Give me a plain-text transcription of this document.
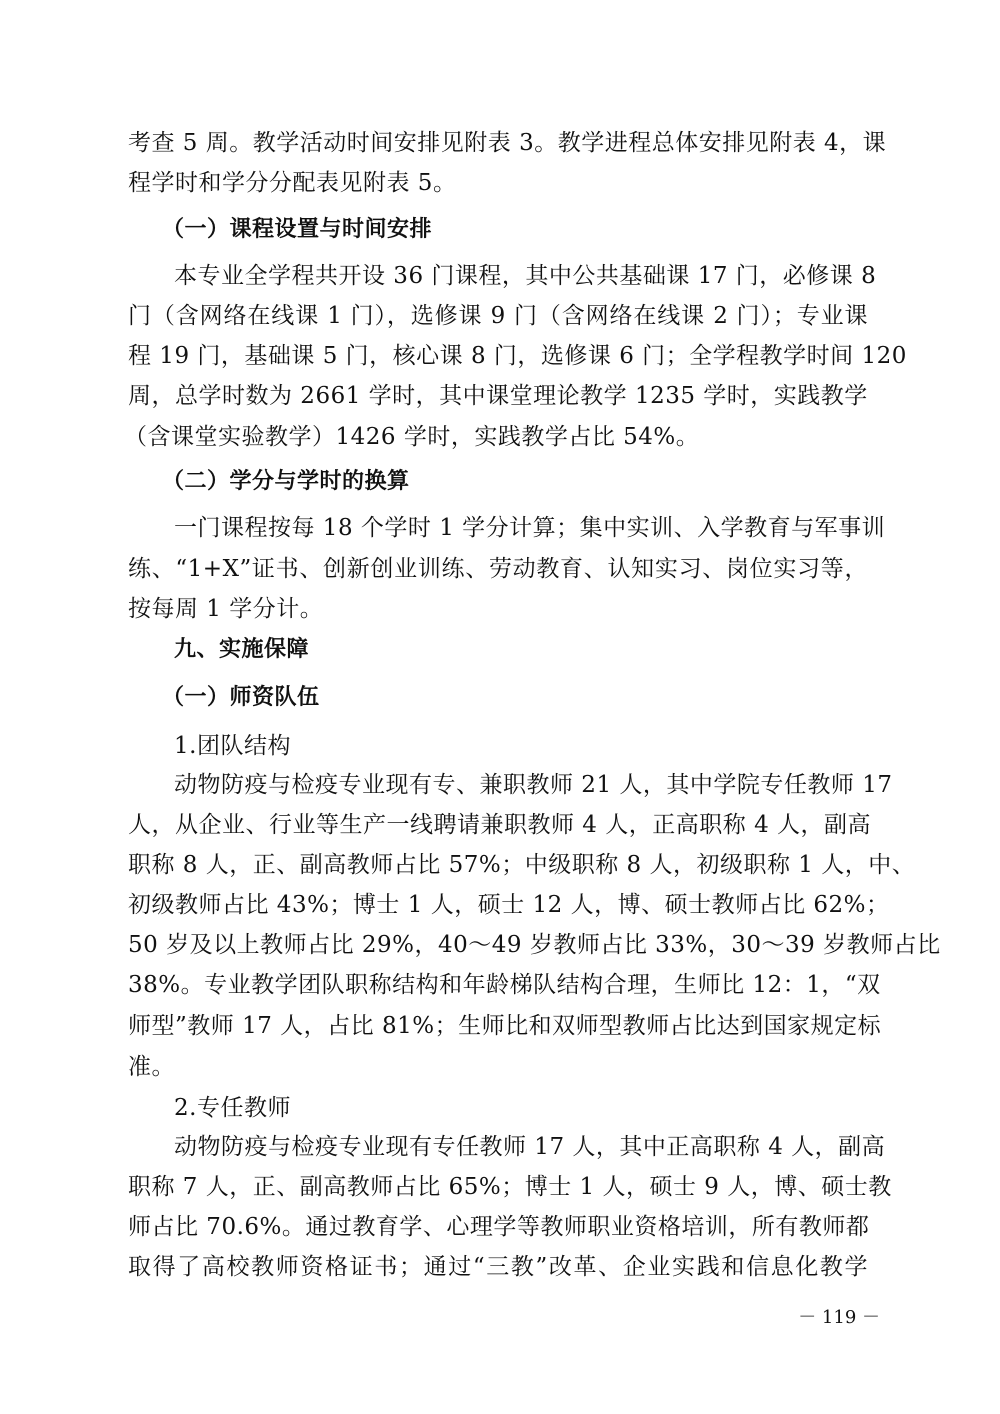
考查 5 周。教学活动时间安排见附表 3。教学进程总体安排见附表 4，课
程学时和学分分配表见附表 5。
（一）课程设置与时间安排
本专业全学程共开设 36 门课程，其中公共基础课 17 门，必修课 8
门（含网络在线课 1 门），选修课 9 门（含网络在线课 2 门）；专业课
程 19 门，基础课 5 门，核心课 8 门，选修课 6 门；全学程教学时间 120
周，总学时数为 2661 学时，其中课堂理论教学 1235 学时，实践教学
（含课堂实验教学）1426 学时，实践教学占比 54%。
（二）学分与学时的换算
一门课程按每 18 个学时 1 学分计算；集中实训、入学教育与军事训
练、“1+X”证书、创新创业训练、劳动教育、认知实习、岗位实习等，
按每周 1 学分计。
九、实施保障
（一）师资队伍
1.团队结构
动物防疫与检疫专业现有专、兼职教师 21 人，其中学院专任教师 17
人，从企业、行业等生产一线聘请兼职教师 4 人，正高职称 4 人，副高
职称 8 人，正、副高教师占比 57%；中级职称 8 人，初级职称 1 人，中、
初级教师占比 43%；博士 1 人，硕士 12 人，博、硕士教师占比 62%；
50 岁及以上教师占比 29%，40～49 岁教师占比 33%，30～39 岁教师占比
38%。专业教学团队职称结构和年龄梯队结构合理，生师比 12：1，“双
师型”教师 17 人，占比 81%；生师比和双师型教师占比达到国家规定标
准。
2.专任教师
动物防疫与检疫专业现有专任教师 17 人，其中正高职称 4 人，副高
职称 7 人，正、副高教师占比 65%；博士 1 人，硕士 9 人，博、硕士教
师占比 70.6%。通过教育学、心理学等教师职业资格培训，所有教师都
取得了高校教师资格证书；通过“三教”改革、企业实践和信息化教学
－ 119 －
